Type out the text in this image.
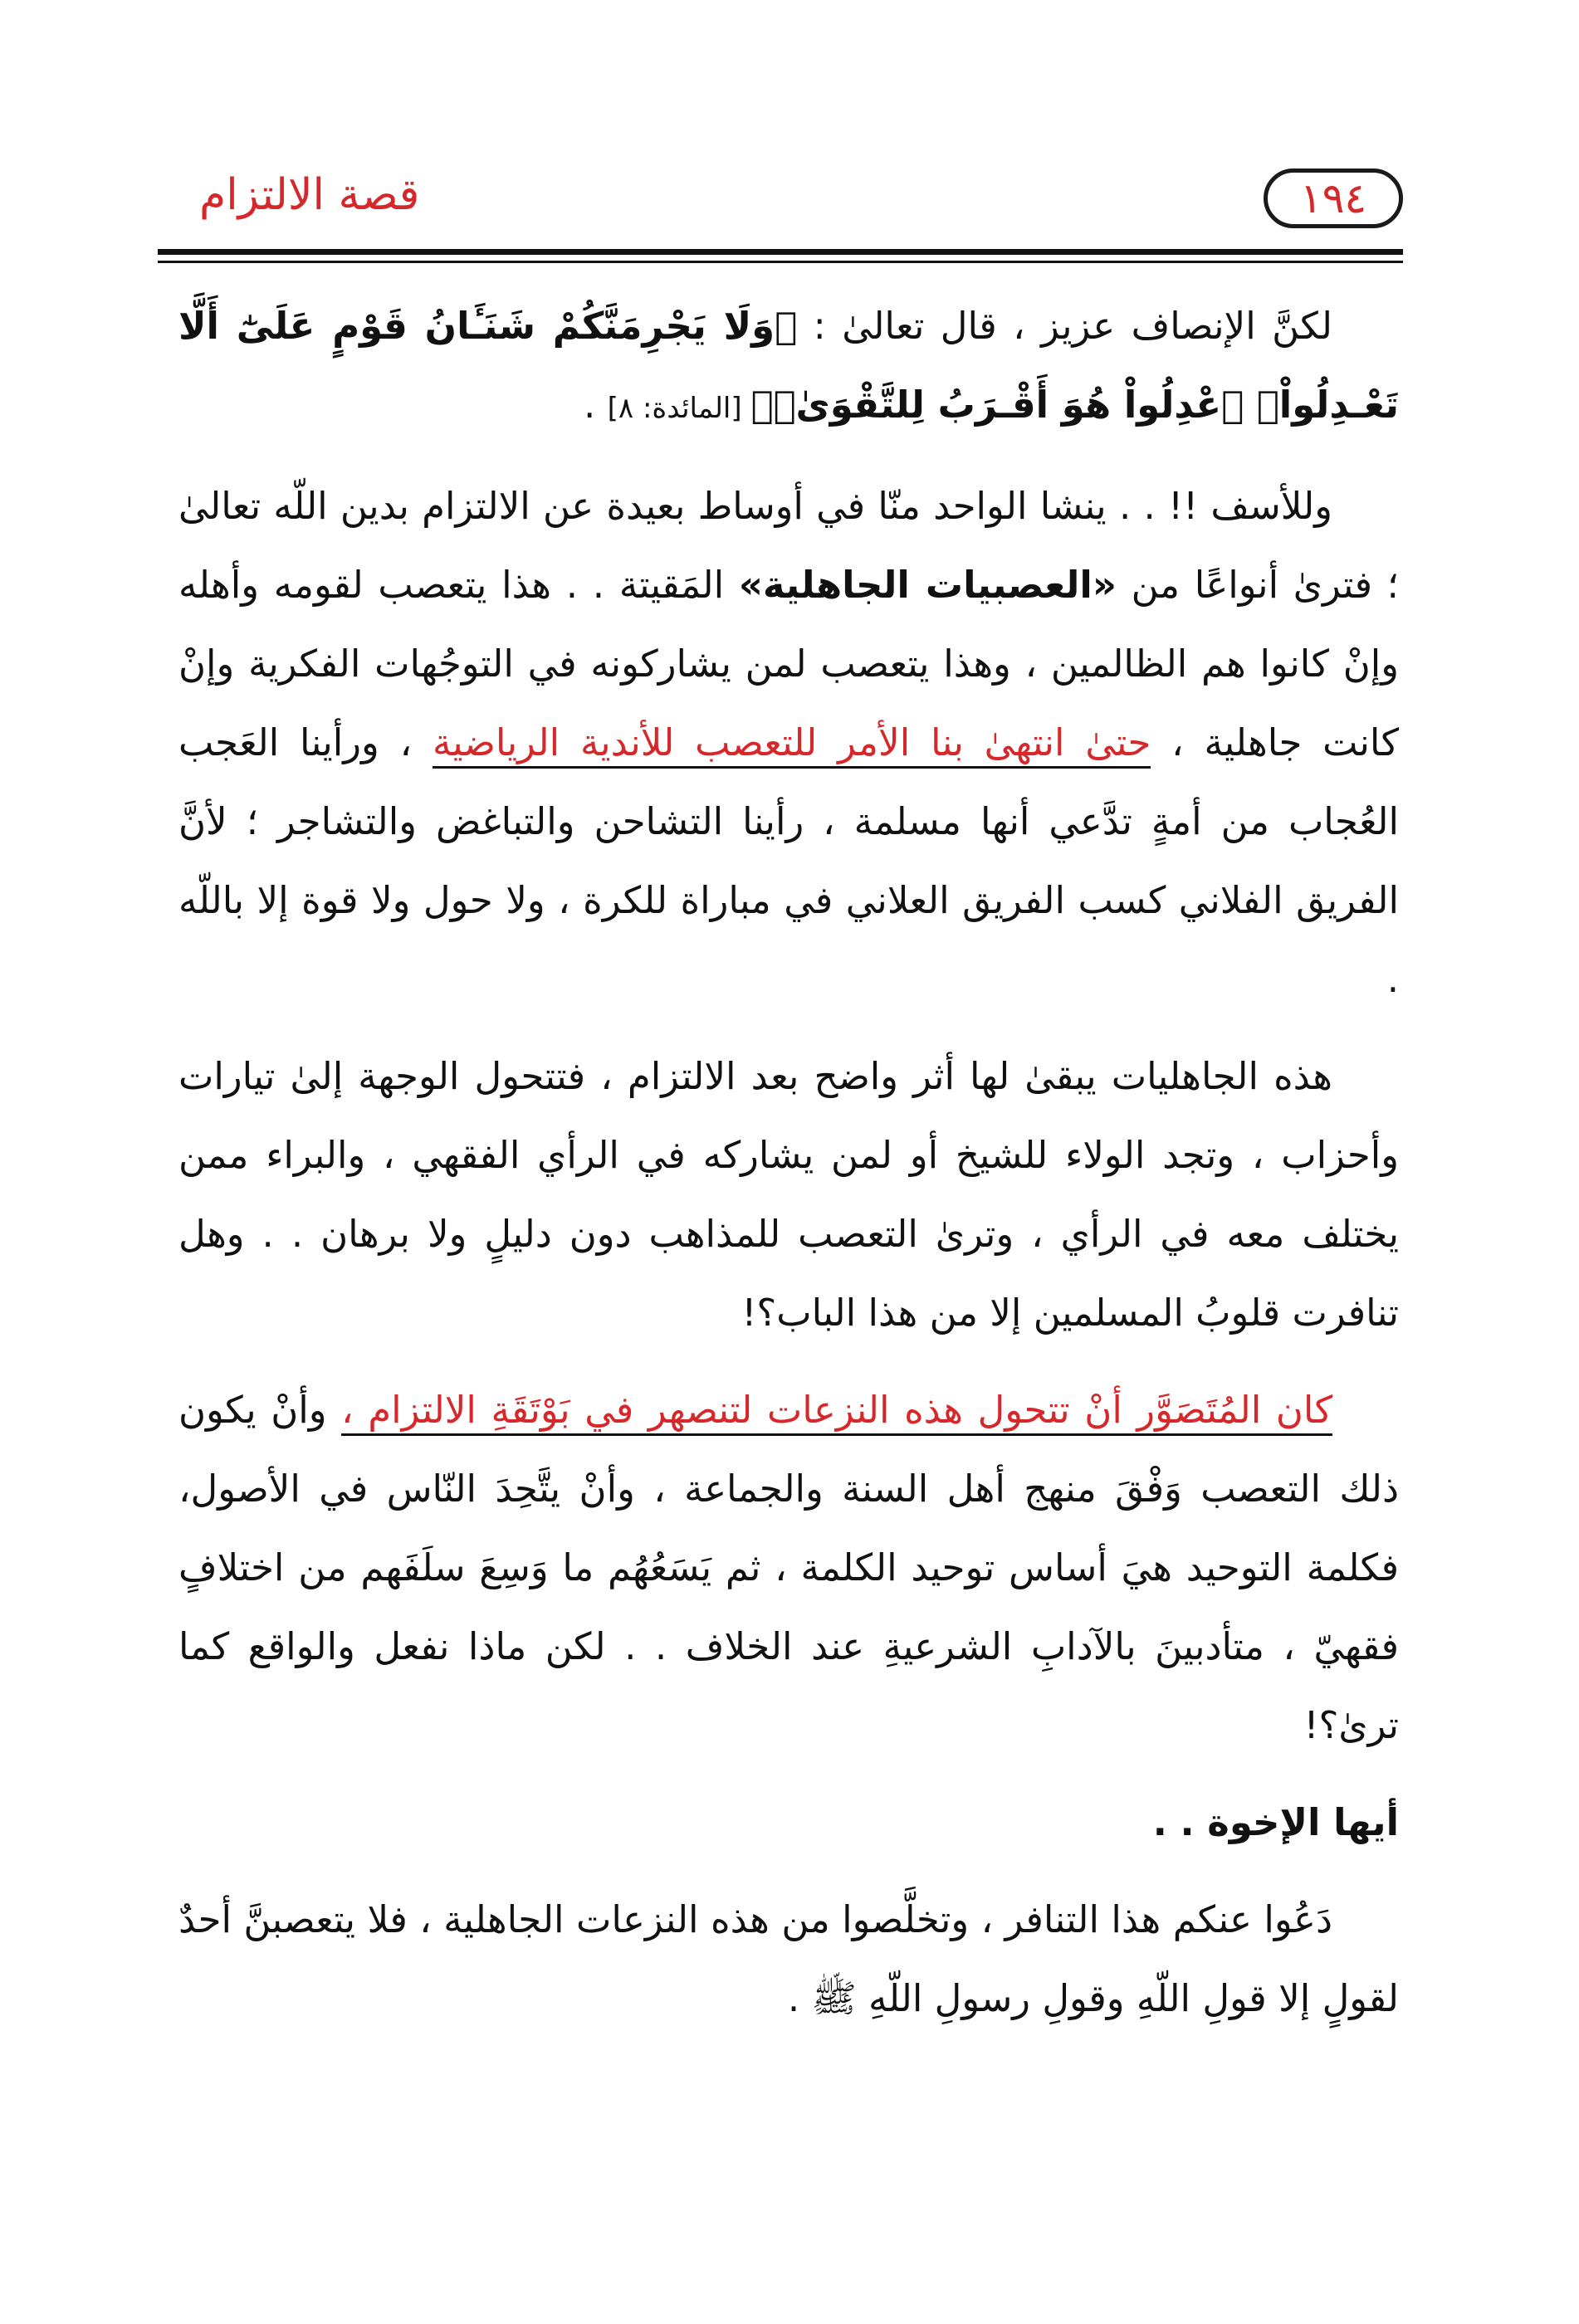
١٩٤
قصة الالتزام

لكنَّ الإنصاف عزيز ، قال تعالىٰ : ﴿وَلَا يَجْرِمَنَّكُمْ شَنَـَٔانُ قَوْمٍ عَلَىٰٓ أَلَّا تَعْـدِلُواْۚ ٱعْدِلُواْ هُوَ أَقْـرَبُ لِلتَّقْوَىٰۖ﴾ [المائدة: ٨] .

وللأسف !! . . ينشا الواحد منّا في أوساط بعيدة عن الالتزام بدين اللّه تعالىٰ ؛ فترىٰ أنواعًا من «العصبيات الجاهلية» المَقيتة . . هذا يتعصب لقومه وأهله وإنْ كانوا هم الظالمين ، وهذا يتعصب لمن يشاركونه في التوجُهات الفكرية وإنْ كانت جاهلية ، حتىٰ انتهىٰ بنا الأمر للتعصب للأندية الرياضية ، ورأينا العَجب العُجاب من أمةٍ تدَّعي أنها مسلمة ، رأينا التشاحن والتباغض والتشاجر ؛ لأنَّ الفريق الفلاني كسب الفريق العلاني في مباراة للكرة ، ولا حول ولا قوة إلا باللّه .

هذه الجاهليات يبقىٰ لها أثر واضح بعد الالتزام ، فتتحول الوجهة إلىٰ تيارات وأحزاب ، وتجد الولاء للشيخ أو لمن يشاركه في الرأي الفقهي ، والبراء ممن يختلف معه في الرأي ، وترىٰ التعصب للمذاهب دون دليلٍ ولا برهان . . وهل تنافرت قلوبُ المسلمين إلا من هذا الباب؟!

كان المُتَصَوَّر أنْ تتحول هذه النزعات لتنصهر في بَوْتَقَةِ الالتزام ، وأنْ يكون ذلك التعصب وَفْقَ منهج أهل السنة والجماعة ، وأنْ يتَّحِدَ النّاس في الأصول، فكلمة التوحيد هيَ أساس توحيد الكلمة ، ثم يَسَعُهُم ما وَسِعَ سلَفَهم من اختلافٍ فقهيّ ، متأدبينَ بالآدابِ الشرعيةِ عند الخلاف . . لكن ماذا نفعل والواقع كما ترىٰ؟!

أيها الإخوة . .

دَعُوا عنكم هذا التنافر ، وتخلَّصوا من هذه النزعات الجاهلية ، فلا يتعصبنَّ أحدٌ لقولٍ إلا قولِ اللّهِ وقولِ رسولِ اللّهِ ﷺ .
